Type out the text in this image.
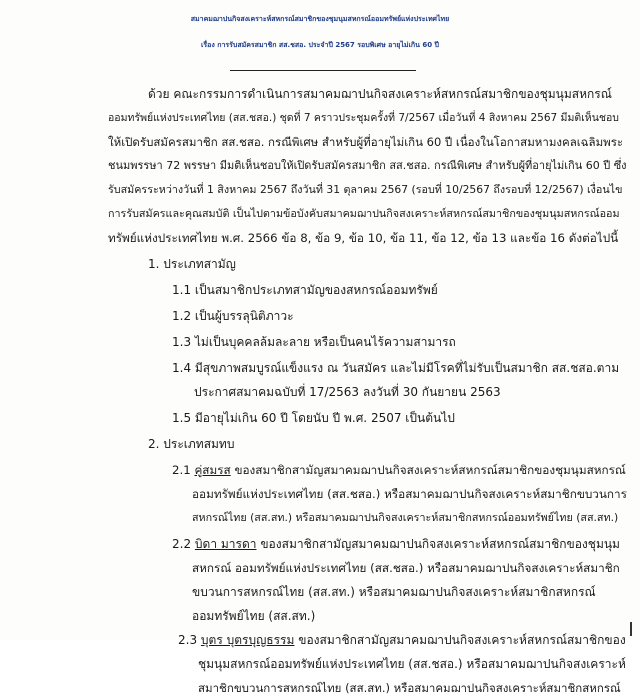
สมาคมฌาปนกิจสงเคราะห์สหกรณ์สมาชิกของชุมนุมสหกรณ์ออมทรัพย์แห่งประเทศไทย
เรื่อง การรับสมัครสมาชิก สส.ชสอ. ประจำปี 2567 รอบพิเศษ อายุไม่เกิน 60 ปี
ด้วย คณะกรรมการดำเนินการสมาคมฌาปนกิจสงเคราะห์สหกรณ์สมาชิกของชุมนุมสหกรณ์
ออมทรัพย์แห่งประเทศไทย (สส.ชสอ.) ชุดที่ 7 คราวประชุมครั้งที่ 7/2567 เมื่อวันที่ 4 สิงหาคม 2567 มีมติเห็นชอบ
ให้เปิดรับสมัครสมาชิก สส.ชสอ. กรณีพิเศษ สำหรับผู้ที่อายุไม่เกิน 60 ปี เนื่องในโอกาสมหามงคลเฉลิมพระ
ชนมพรรษา 72 พรรษา มีมติเห็นชอบให้เปิดรับสมัครสมาชิก สส.ชสอ. กรณีพิเศษ สำหรับผู้ที่อายุไม่เกิน 60 ปี ซึ่ง
รับสมัครระหว่างวันที่ 1 สิงหาคม 2567 ถึงวันที่ 31 ตุลาคม 2567 (รอบที่ 10/2567 ถึงรอบที่ 12/2567) เงื่อนไข
การรับสมัครและคุณสมบัติ เป็นไปตามข้อบังคับสมาคมฌาปนกิจสงเคราะห์สหกรณ์สมาชิกของชุมนุมสหกรณ์ออม
ทรัพย์แห่งประเทศไทย พ.ศ. 2566 ข้อ 8, ข้อ 9, ข้อ 10, ข้อ 11, ข้อ 12, ข้อ 13 และข้อ 16 ดังต่อไปนี้
1. ประเภทสามัญ
1.1 เป็นสมาชิกประเภทสามัญของสหกรณ์ออมทรัพย์
1.2 เป็นผู้บรรลุนิติภาวะ
1.3 ไม่เป็นบุคคลล้มละลาย หรือเป็นคนไร้ความสามารถ
1.4 มีสุขภาพสมบูรณ์แข็งแรง ณ วันสมัคร และไม่มีโรคที่ไม่รับเป็นสมาชิก สส.ชสอ.ตาม
ประกาศสมาคมฉบับที่ 17/2563 ลงวันที่ 30 กันยายน 2563
1.5 มีอายุไม่เกิน 60 ปี โดยนับ ปี พ.ศ. 2507 เป็นต้นไป
2. ประเภทสมทบ
2.1 คู่สมรส ของสมาชิกสามัญสมาคมฌาปนกิจสงเคราะห์สหกรณ์สมาชิกของชุมนุมสหกรณ์
ออมทรัพย์แห่งประเทศไทย (สส.ชสอ.) หรือสมาคมฌาปนกิจสงเคราะห์สมาชิกขบวนการ
สหกรณ์ไทย (สส.สท.) หรือสมาคมฌาปนกิจสงเคราะห์สมาชิกสหกรณ์ออมทรัพย์ไทย (สส.สท.)
2.2 บิดา มารดา ของสมาชิกสามัญสมาคมฌาปนกิจสงเคราะห์สหกรณ์สมาชิกของชุมนุม
สหกรณ์ ออมทรัพย์แห่งประเทศไทย (สส.ชสอ.) หรือสมาคมฌาปนกิจสงเคราะห์สมาชิก
ขบวนการสหกรณ์ไทย (สส.สท.) หรือสมาคมฌาปนกิจสงเคราะห์สมาชิกสหกรณ์
ออมทรัพย์ไทย (สส.สท.)
2.3 บุตร บุตรบุญธรรม ของสมาชิกสามัญสมาคมฌาปนกิจสงเคราะห์สหกรณ์สมาชิกของ
ชุมนุมสหกรณ์ออมทรัพย์แห่งประเทศไทย (สส.ชสอ.) หรือสมาคมฌาปนกิจสงเคราะห์
สมาชิกขบวนการสหกรณ์ไทย (สส.สท.) หรือสมาคมฌาปนกิจสงเคราะห์สมาชิกสหกรณ์
